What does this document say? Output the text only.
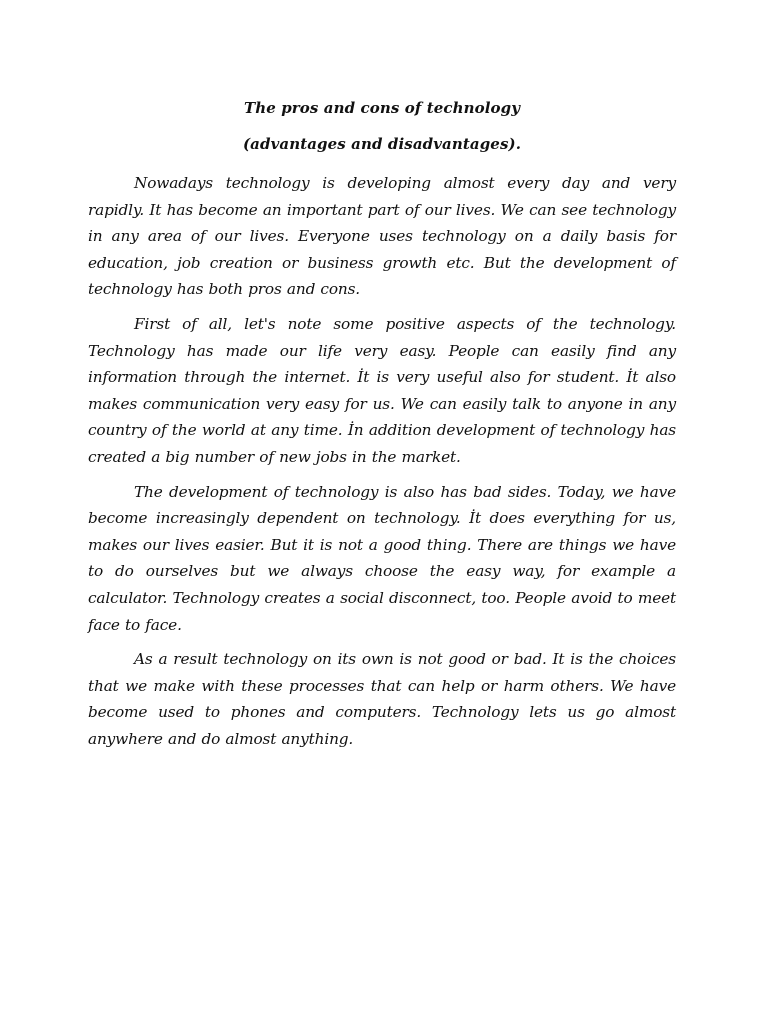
The pros and cons of technology

(advantages and disadvantages).

Nowadays technology is developing almost every day and very rapidly. It has become an important part of our lives. We can see technology in any area of our lives. Everyone uses technology on a daily basis for education, job creation or business growth etc. But the development of technology has both pros and cons.

First of all, let's note some positive aspects of the technology. Technology has made our life very easy. People can easily find any information through the internet. İt is very useful also for student. İt also makes communication very easy for us. We can easily talk to anyone in any country of the world at any time. İn addition development of technology has created a big number of new jobs in the market.

The development of technology is also has bad sides. Today, we have become increasingly dependent on technology. İt does everything for us, makes our lives easier. But it is not a good thing. There are things we have to do ourselves but we always choose the easy way, for example a calculator. Technology creates a social disconnect, too. People avoid to meet face to face.

As a result technology on its own is not good or bad. It is the choices that we make with these processes that can help or harm others. We have become used to phones and computers. Technology lets us go almost anywhere and do almost anything.
